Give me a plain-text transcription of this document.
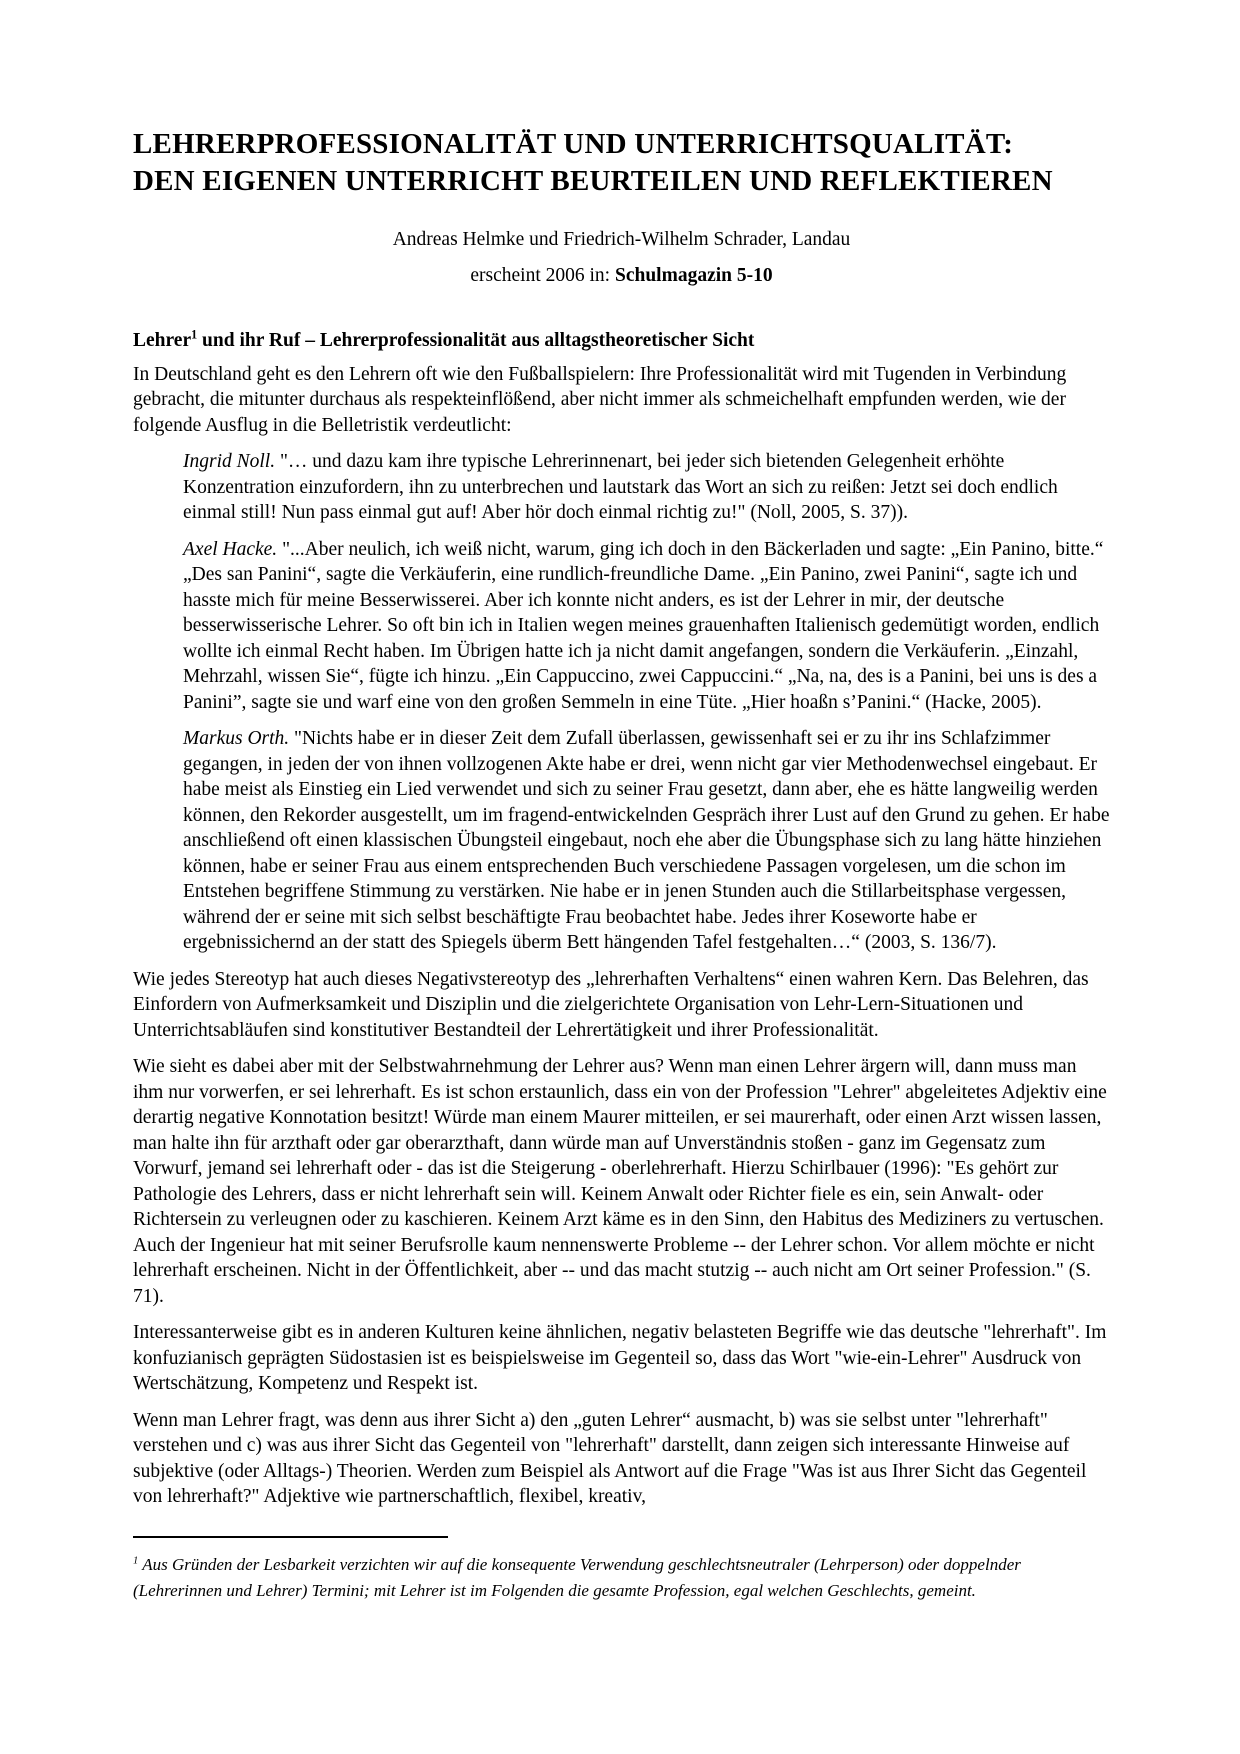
LEHRERPROFESSIONALITÄT UND UNTERRICHTSQUALITÄT:
DEN EIGENEN UNTERRICHT BEURTEILEN UND REFLEKTIEREN

Andreas Helmke und Friedrich-Wilhelm Schrader, Landau

erscheint 2006 in: Schulmagazin 5-10

Lehrer$^1$ und ihr Ruf – Lehrerprofessionalität aus alltagstheoretischer Sicht

In Deutschland geht es den Lehrern oft wie den Fußballspielern: Ihre Professionalität wird mit Tugenden in Verbindung gebracht, die mitunter durchaus als respekteinflößend, aber nicht immer als schmeichelhaft empfunden werden, wie der folgende Ausflug in die Belletristik verdeutlicht:

Ingrid Noll. "… und dazu kam ihre typische Lehrerinnenart, bei jeder sich bietenden Gelegenheit erhöhte Konzentration einzufordern, ihn zu unterbrechen und lautstark das Wort an sich zu reißen: Jetzt sei doch endlich einmal still! Nun pass einmal gut auf! Aber hör doch einmal richtig zu!" (Noll, 2005, S. 37)).
Axel Hacke. "...Aber neulich, ich weiß nicht, warum, ging ich doch in den Bäckerladen und sagte: „Ein Panino, bitte.“ „Des san Panini“, sagte die Verkäuferin, eine rundlich-freundliche Dame. „Ein Panino, zwei Panini“, sagte ich und hasste mich für meine Besserwisserei. Aber ich konnte nicht anders, es ist der Lehrer in mir, der deutsche besserwisserische Lehrer. So oft bin ich in Italien wegen meines grauenhaften Italienisch gedemütigt worden, endlich wollte ich einmal Recht haben. Im Übrigen hatte ich ja nicht damit angefangen, sondern die Verkäuferin. „Einzahl, Mehrzahl, wissen Sie“, fügte ich hinzu. „Ein Cappuccino, zwei Cappuccini.“ „Na, na, des is a Panini, bei uns is des a Panini”, sagte sie und warf eine von den großen Semmeln in eine Tüte. „Hier hoaßn s’Panini.“ (Hacke, 2005).
Markus Orth. "Nichts habe er in dieser Zeit dem Zufall überlassen, gewissenhaft sei er zu ihr ins Schlafzimmer gegangen, in jeden der von ihnen vollzogenen Akte habe er drei, wenn nicht gar vier Methodenwechsel eingebaut. Er habe meist als Einstieg ein Lied verwendet und sich zu seiner Frau gesetzt, dann aber, ehe es hätte langweilig werden können, den Rekorder ausgestellt, um im fragend-entwickelnden Gespräch ihrer Lust auf den Grund zu gehen. Er habe anschließend oft einen klassischen Übungsteil eingebaut, noch ehe aber die Übungsphase sich zu lang hätte hinziehen können, habe er seiner Frau aus einem entsprechenden Buch verschiedene Passagen vorgelesen, um die schon im Entstehen begriffene Stimmung zu verstärken. Nie habe er in jenen Stunden auch die Stillarbeitsphase vergessen, während der er seine mit sich selbst beschäftigte Frau beobachtet habe. Jedes ihrer Koseworte habe er ergebnissichernd an der statt des Spiegels überm Bett hängenden Tafel festgehalten…“ (2003, S. 136/7).

Wie jedes Stereotyp hat auch dieses Negativstereotyp des „lehrerhaften Verhaltens“ einen wahren Kern. Das Belehren, das Einfordern von Aufmerksamkeit und Disziplin und die zielgerichtete Organisation von Lehr-Lern-Situationen und Unterrichtsabläufen sind konstitutiver Bestandteil der Lehrertätigkeit und ihrer Professionalität.

Wie sieht es dabei aber mit der Selbstwahrnehmung der Lehrer aus? Wenn man einen Lehrer ärgern will, dann muss man ihm nur vorwerfen, er sei lehrerhaft. Es ist schon erstaunlich, dass ein von der Profession "Lehrer" abgeleitetes Adjektiv eine derartig negative Konnotation besitzt! Würde man einem Maurer mitteilen, er sei maurerhaft, oder einen Arzt wissen lassen, man halte ihn für arzthaft oder gar oberarzthaft, dann würde man auf Unverständnis stoßen - ganz im Gegensatz zum Vorwurf, jemand sei lehrerhaft oder - das ist die Steigerung - oberlehrerhaft. Hierzu Schirlbauer (1996): "Es gehört zur Pathologie des Lehrers, dass er nicht lehrerhaft sein will. Keinem Anwalt oder Richter fiele es ein, sein Anwalt- oder Richtersein zu verleugnen oder zu kaschieren. Keinem Arzt käme es in den Sinn, den Habitus des Mediziners zu vertuschen. Auch der Ingenieur hat mit seiner Berufsrolle kaum nennenswerte Probleme -- der Lehrer schon. Vor allem möchte er nicht lehrerhaft erscheinen. Nicht in der Öffentlichkeit, aber -- und das macht stutzig -- auch nicht am Ort seiner Profession." (S. 71).

Interessanterweise gibt es in anderen Kulturen keine ähnlichen, negativ belasteten Begriffe wie das deutsche "lehrerhaft". Im konfuzianisch geprägten Südostasien ist es beispielsweise im Gegenteil so, dass das Wort "wie-ein-Lehrer" Ausdruck von Wertschätzung, Kompetenz und Respekt ist.

Wenn man Lehrer fragt, was denn aus ihrer Sicht a) den „guten Lehrer“ ausmacht, b) was sie selbst unter "lehrerhaft" verstehen und c) was aus ihrer Sicht das Gegenteil von "lehrerhaft" darstellt, dann zeigen sich interessante Hinweise auf subjektive (oder Alltags-) Theorien. Werden zum Beispiel als Antwort auf die Frage "Was ist aus Ihrer Sicht das Gegenteil von lehrerhaft?" Adjektive wie partnerschaftlich, flexibel, kreativ,

$^1$ Aus Gründen der Lesbarkeit verzichten wir auf die konsequente Verwendung geschlechtsneutraler (Lehrperson) oder doppelnder (Lehrerinnen und Lehrer) Termini; mit Lehrer ist im Folgenden die gesamte Profession, egal welchen Geschlechts, gemeint.
